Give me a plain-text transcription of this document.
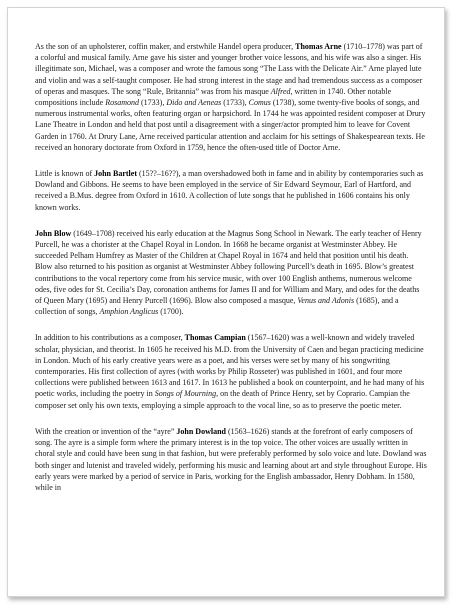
As the son of an upholsterer, coffin maker, and erstwhile Handel opera producer, Thomas Arne (1710–1778) was part of a colorful and musical family. Arne gave his sister and younger brother voice lessons, and his wife was also a singer. His illegitimate son, Michael, was a composer and wrote the famous song “The Lass with the Delicate Air.” Arne played lute and violin and was a self-taught composer. He had strong interest in the stage and had tremendous success as a composer of operas and masques. The song “Rule, Britannia” was from his masque Alfred, written in 1740. Other notable compositions include Rosamond (1733), Dido and Aeneas (1733), Comus (1738), some twenty-five books of songs, and numerous instrumental works, often featuring organ or harpsichord. In 1744 he was appointed resident composer at Drury Lane Theatre in London and held that post until a disagreement with a singer/actor prompted him to leave for Covent Garden in 1760. At Drury Lane, Arne received particular attention and acclaim for his settings of Shakespearean texts. He received an honorary doctorate from Oxford in 1759, hence the often-used title of Doctor Arne.

Little is known of John Bartlet (15??–16??), a man overshadowed both in fame and in ability by contemporaries such as Dowland and Gibbons. He seems to have been employed in the service of Sir Edward Seymour, Earl of Hartford, and received a B.Mus. degree from Oxford in 1610. A collection of lute songs that he published in 1606 contains his only known works.

John Blow (1649–1708) received his early education at the Magnus Song School in Newark. The early teacher of Henry Purcell, he was a chorister at the Chapel Royal in London. In 1668 he became organist at Westminster Abbey. He succeeded Pelham Humfrey as Master of the Children at Chapel Royal in 1674 and held that position until his death. Blow also returned to his position as organist at Westminster Abbey following Purcell’s death in 1695. Blow’s greatest contributions to the vocal repertory come from his service music, with over 100 English anthems, numerous welcome odes, five odes for St. Cecilia’s Day, coronation anthems for James II and for William and Mary, and odes for the deaths of Queen Mary (1695) and Henry Purcell (1696). Blow also composed a masque, Venus and Adonis (1685), and a collection of songs, Amphion Anglicus (1700).

In addition to his contributions as a composer, Thomas Campian (1567–1620) was a well-known and widely traveled scholar, physician, and theorist. In 1605 he received his M.D. from the University of Caen and began practicing medicine in London. Much of his early creative years were as a poet, and his verses were set by many of his songwriting contemporaries. His first collection of ayres (with works by Philip Rosseter) was published in 1601, and four more collections were published between 1613 and 1617. In 1613 he published a book on counterpoint, and he had many of his poetic works, including the poetry in Songs of Mourning, on the death of Prince Henry, set by Coprario. Campian the composer set only his own texts, employing a simple approach to the vocal line, so as to preserve the poetic meter.

With the creation or invention of the “ayre” John Dowland (1563–1626) stands at the forefront of early composers of song. The ayre is a simple form where the primary interest is in the top voice. The other voices are usually written in choral style and could have been sung in that fashion, but were preferably performed by solo voice and lute. Dowland was both singer and lutenist and traveled widely, performing his music and learning about art and style throughout Europe. His early years were marked by a period of service in Paris, working for the English ambassador, Henry Dobham. In 1580, while in
